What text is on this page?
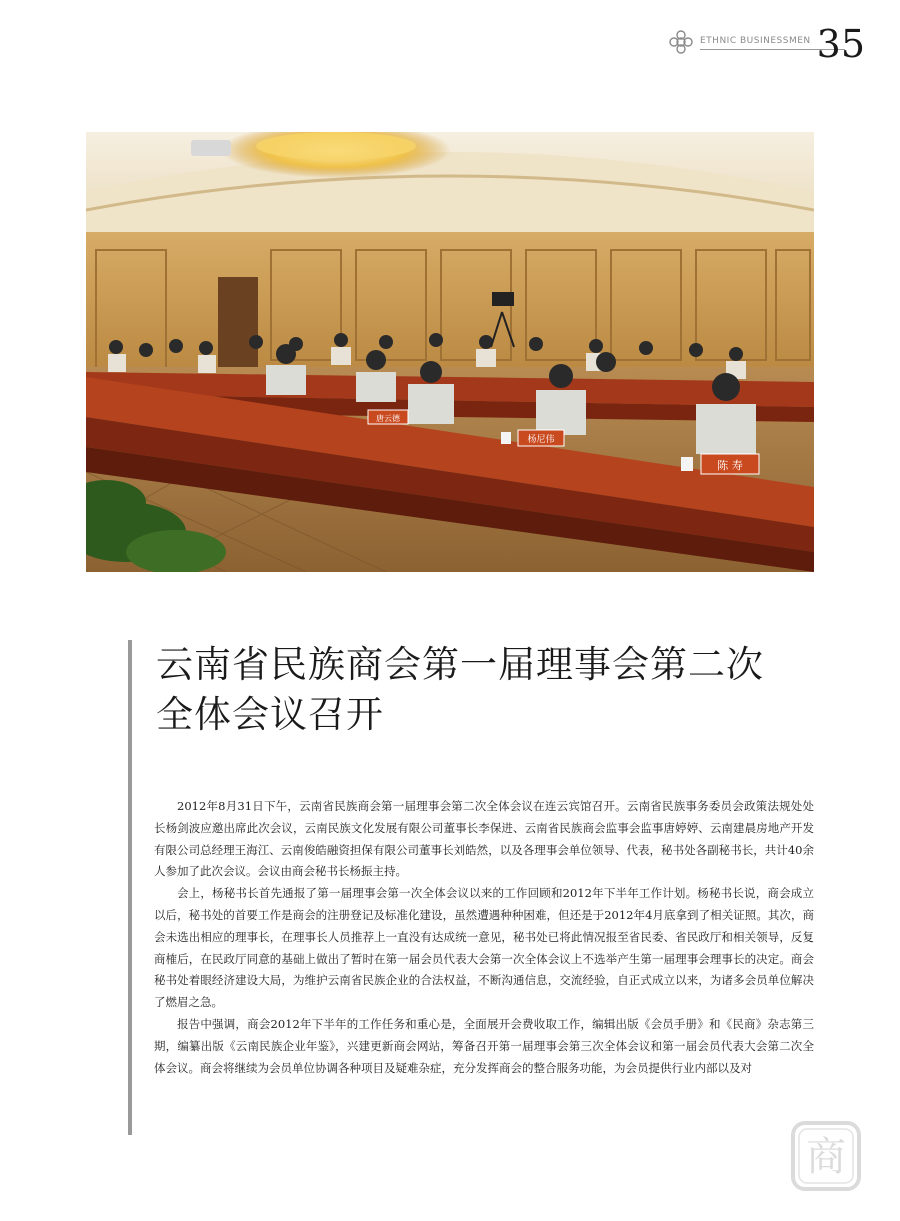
ETHNIC BUSINESSMEN 35
陈 寿
杨尼伟
唐云德
云南省民族商会第一届理事会第二次
全体会议召开

2012年8月31日下午，云南省民族商会第一届理事会第二次全体会议在连云宾馆召开。云南省民族事务委员会政策法规处处长杨剑波应邀出席此次会议，云南民族文化发展有限公司董事长李保进、云南省民族商会监事会监事唐婷婷、云南建晨房地产开发有限公司总经理王海江、云南俊皓融资担保有限公司董事长刘皓然，以及各理事会单位领导、代表，秘书处各副秘书长，共计40余人参加了此次会议。会议由商会秘书长杨振主持。

会上，杨秘书长首先通报了第一届理事会第一次全体会议以来的工作回顾和2012年下半年工作计划。杨秘书长说，商会成立以后，秘书处的首要工作是商会的注册登记及标准化建设，虽然遭遇种种困难，但还是于2012年4月底拿到了相关证照。其次，商会未选出相应的理事长，在理事长人员推荐上一直没有达成统一意见，秘书处已将此情况报至省民委、省民政厅和相关领导，反复商榷后，在民政厅同意的基础上做出了暂时在第一届会员代表大会第一次全体会议上不选举产生第一届理事会理事长的决定。商会秘书处着眼经济建设大局，为维护云南省民族企业的合法权益，不断沟通信息，交流经验，自正式成立以来，为诸多会员单位解决了燃眉之急。

报告中强调，商会2012年下半年的工作任务和重心是，全面展开会费收取工作，编辑出版《会员手册》和《民商》杂志第三期，编纂出版《云南民族企业年鉴》，兴建更新商会网站，筹备召开第一届理事会第三次全体会议和第一届会员代表大会第二次全体会议。商会将继续为会员单位协调各种项目及疑难杂症，充分发挥商会的整合服务功能，为会员提供行业内部以及对

商
